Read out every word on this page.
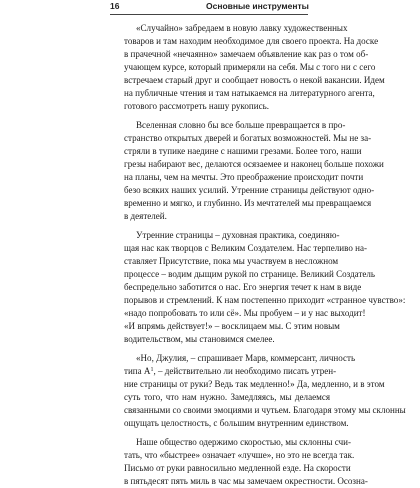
16	Основные инструменты
«Случайно» забредаем в новую лавку художественных
товаров и там находим необходимое для своего проекта. На доске
в прачечной «нечаянно» замечаем объявление как раз о том об-
учающем курсе, который примеряли на себя. Мы с того ни с сего
встречаем старый друг и сообщает новость о некой вакансии. Идем
на публичные чтения и там натыкаемся на литературного агента,
готового рассмотреть нашу рукопись.
Вселенная словно бы все больше превращается в про-
странство открытых дверей и богатых возможностей. Мы не за-
стряли в тупике наедине с нашими грезами. Более того, наши
грезы набирают вес, делаются осязаемее и наконец больше похожи
на планы, чем на мечты. Это преображение происходит почти
безо всяких наших усилий. Утренние страницы действуют одно-
временно и мягко, и глубинно. Из мечтателей мы превращаемся
в деятелей.
Утренние страницы – духовная практика, соединяю-
щая нас как творцов с Великим Создателем. Нас терпеливо на-
ставляет Присутствие, пока мы участвуем в несложном
процессе – водим дыщим рукой по странице. Великий Создатель
беспредельно заботится о нас. Его энергия течет к нам в виде
порывов и стремлений. К нам постепенно приходит «странное чувство»:
«надо попробовать то или сё». Мы пробуем – и у нас выходит!
«И впрямь действует!» – восклицаем мы. С этим новым
водительством, мы становимся смелее.
«Но, Джулия, – спрашивает Марв, коммерсант, личность
типа $A^1$, – действительно ли необходимо писать утрен-
ние страницы от руки? Ведь так медленно!» Да, медленно, и в этом
суть того, что нам нужно. Замедляясь, мы делаемся
связанными со своими эмоциями и чутьем. Благодаря этому мы склонны
ощущать целостность, с большим внутренним единством.
Наше общество одержимо скоростью, мы склонны счи-
тать, что «быстрее» означает «лучше», но это не всегда так.
Письмо от руки равносильно медленной езде. На скорости
в пятьдесят пять миль в час мы замечаем окрестности. Осозна-
